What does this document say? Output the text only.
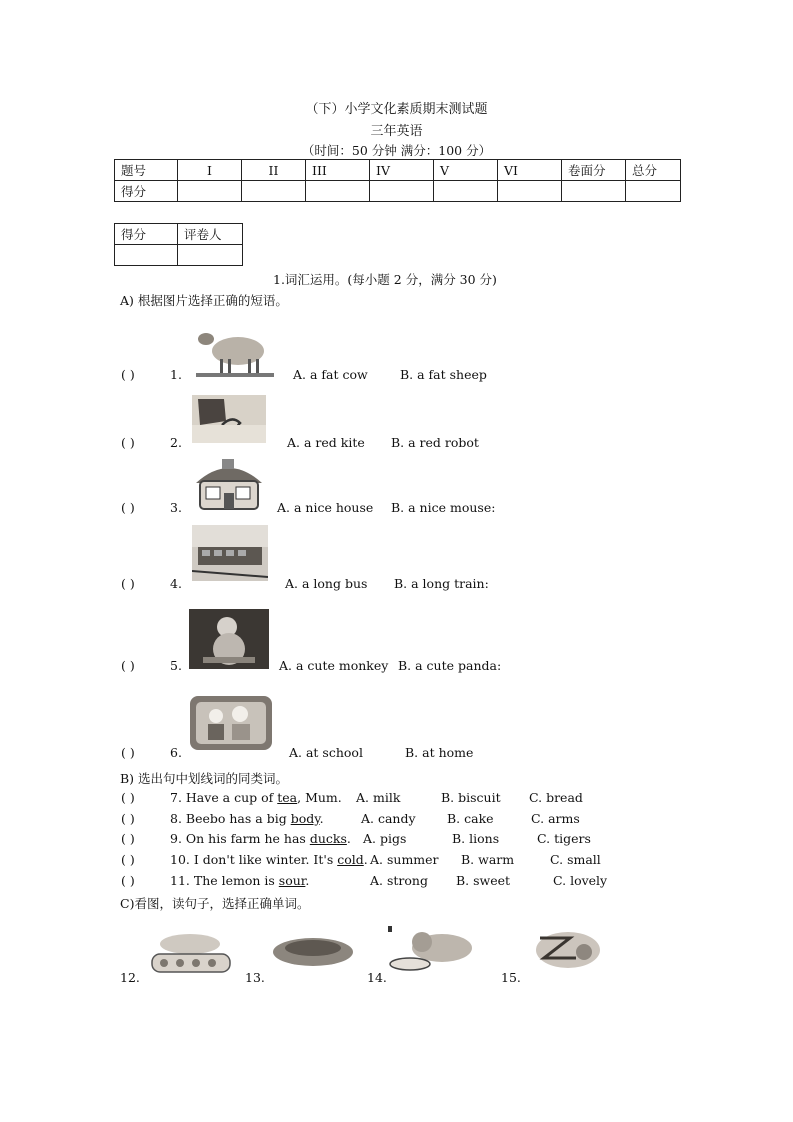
（下）小学文化素质期末测试题
三年英语
（时间：50 分钟 满分：100 分）
题号	I	II	III	IV	V	VI	卷面分	总分
得分								
得分	评卷人

1.词汇运用。(每小题 2 分，满分 30 分)
A) 根据图片选择正确的短语。
( )	1.	A. a fat cow	B. a fat sheep
( )	2.	A. a red kite B. a red robot
( )	3.	A. a nice house B. a nice mouse:
( )	4.	A. a long bus B. a long train:
( )	5.	A. a cute monkey B. a cute panda:
( )	6.	A. at school	B. at home
B) 选出句中划线词的同类词。
( )	7. Have a cup of tea, Mum. A. milk	B. biscuit C. bread
( )	8. Beebo has a big body.	A. candy	B. cake	C. arms
( )	9. On his farm he has ducks. A. pigs	B. lions	C. tigers
( )	10. I don't like winter. It's cold. A. summer B. warm	C. small
( )	11. The lemon is sour.	A. strong B. sweet	C. lovely
C)看图，读句子，选择正确单词。
12.	13.	14.	15.
